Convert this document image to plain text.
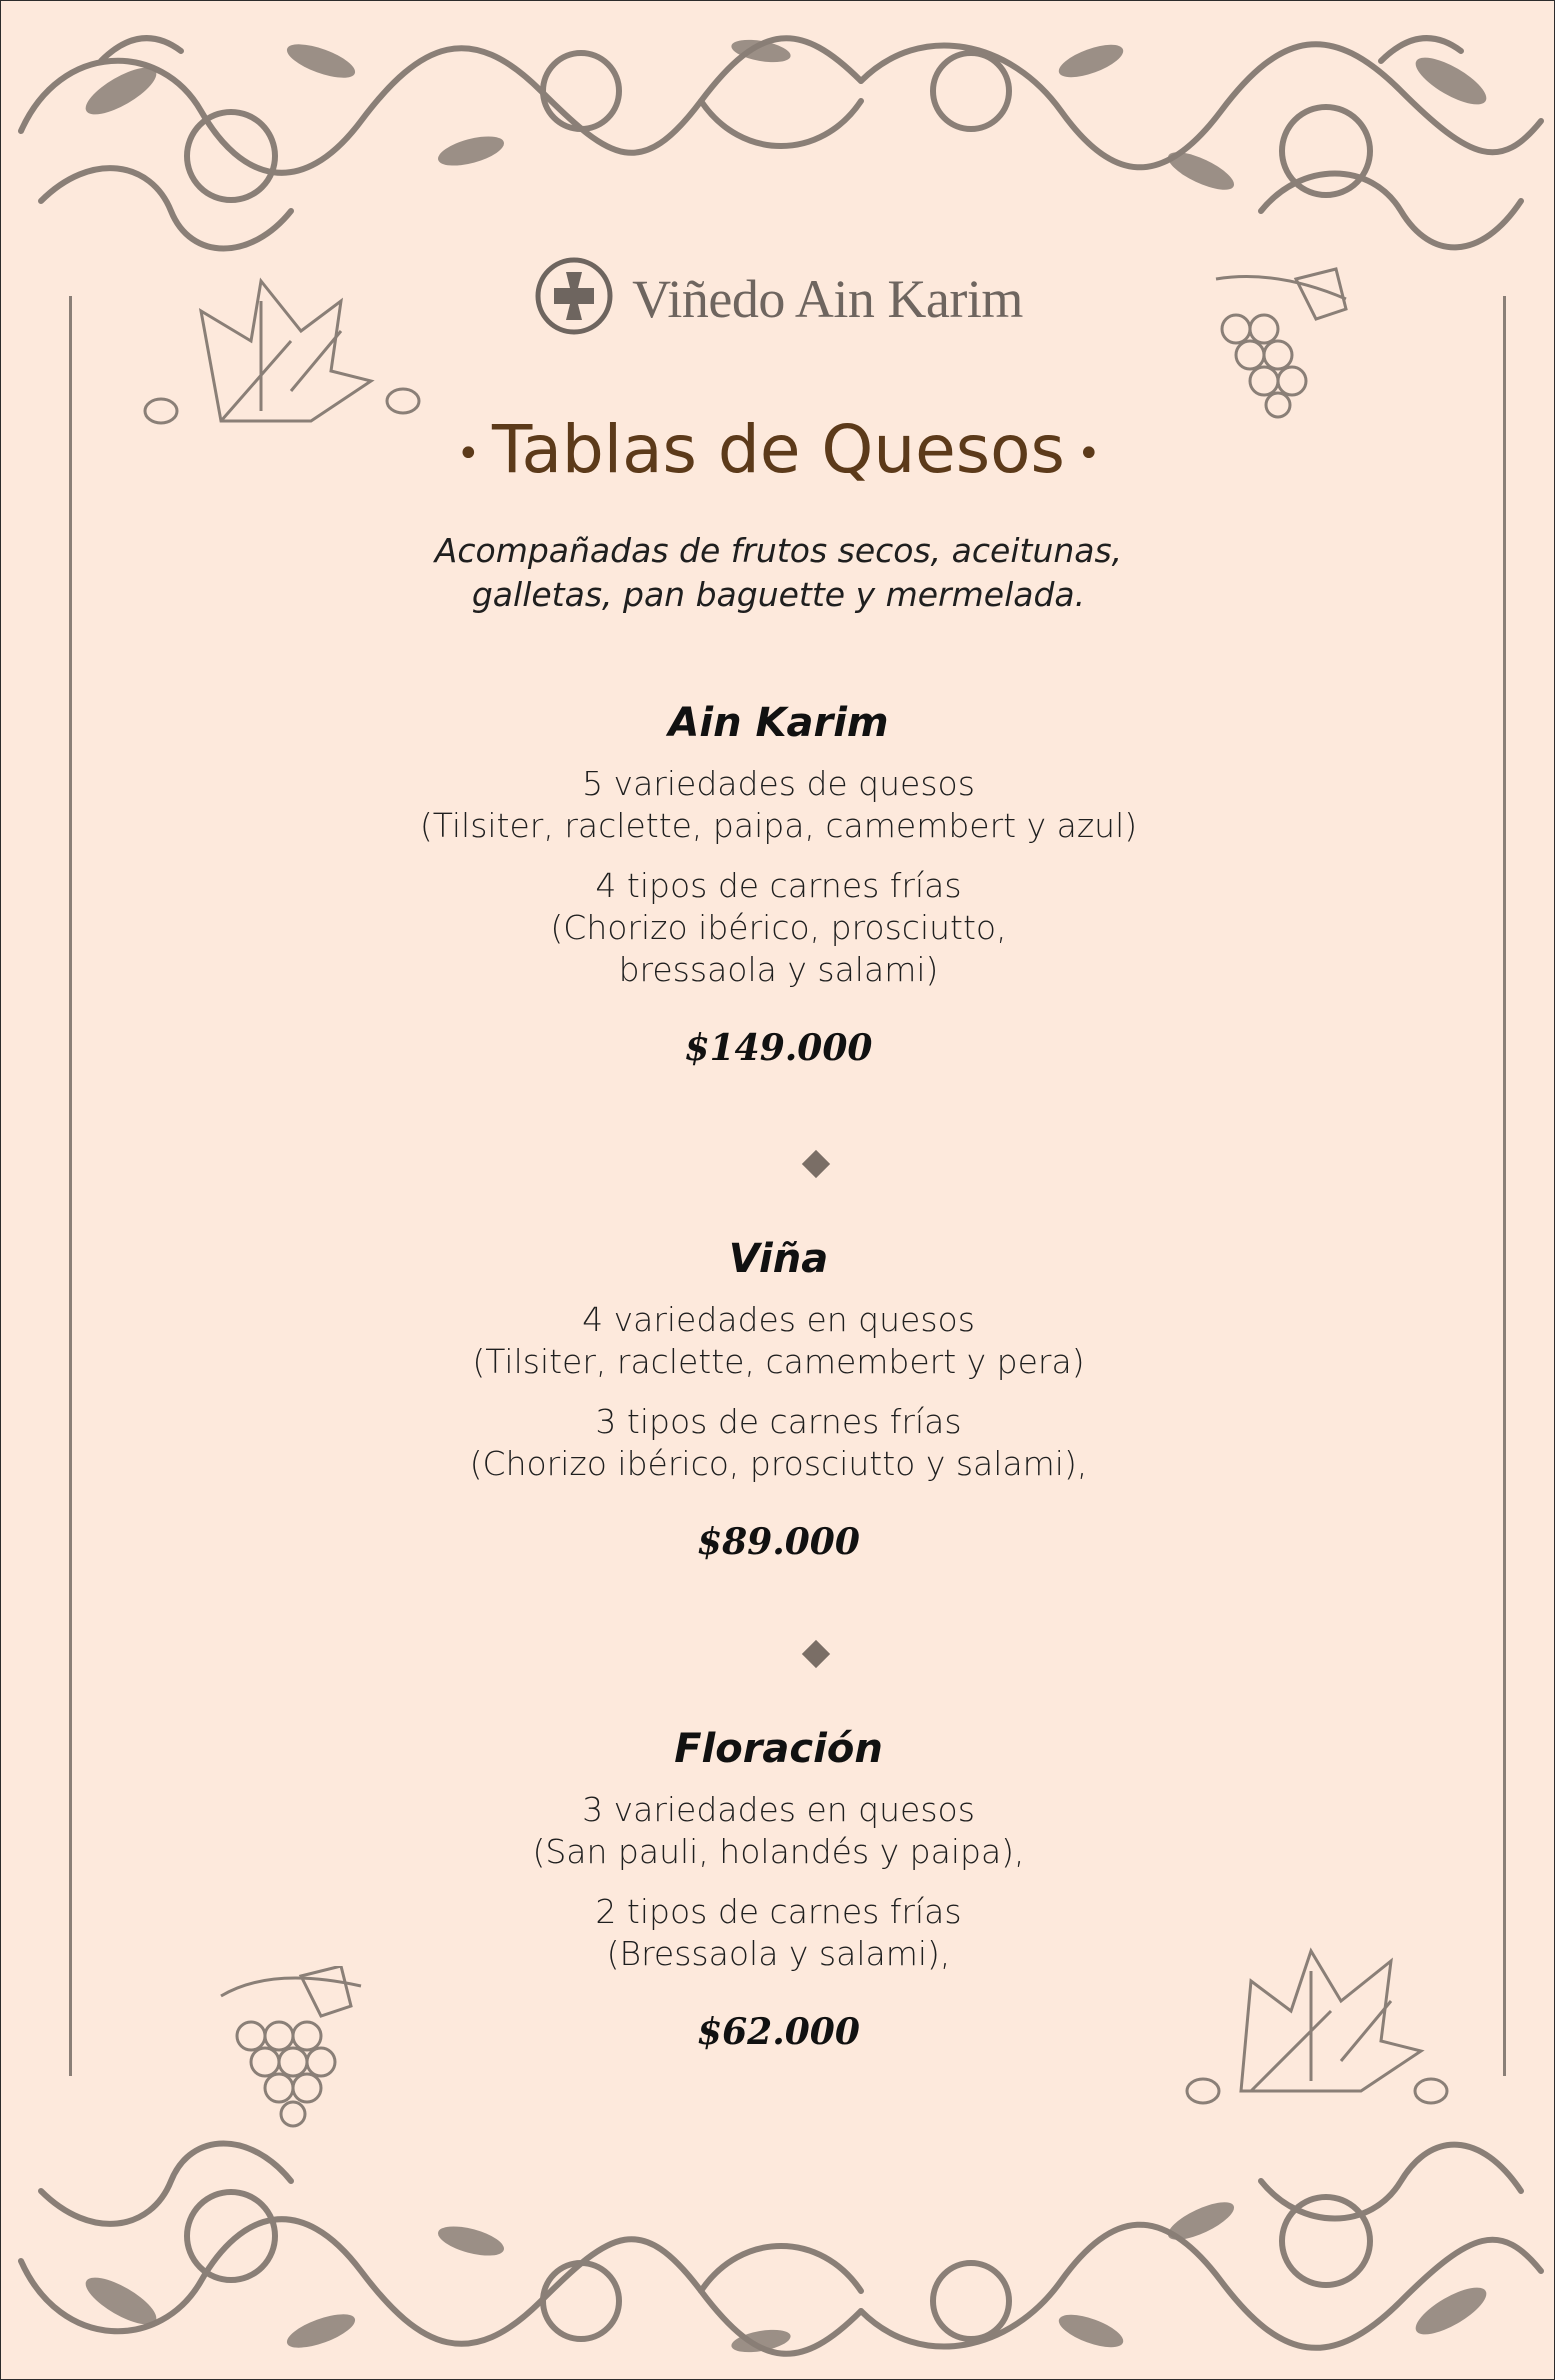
Viñedo Ain Karim
• Tablas de Quesos •
Acompañadas de frutos secos, aceitunas,
galletas, pan baguette y mermelada.
Ain Karim
5 variedades de quesos
(Tilsiter, raclette, paipa, camembert y azul)
4 tipos de carnes frías
(Chorizo ibérico, prosciutto,
bressaola y salami)
$149.000
Viña
4 variedades en quesos
(Tilsiter, raclette, camembert y pera)
3 tipos de carnes frías
(Chorizo ibérico, prosciutto y salami),
$89.000
Floración
3 variedades en quesos
(San pauli, holandés y paipa),
2 tipos de carnes frías
(Bressaola y salami),
$62.000
